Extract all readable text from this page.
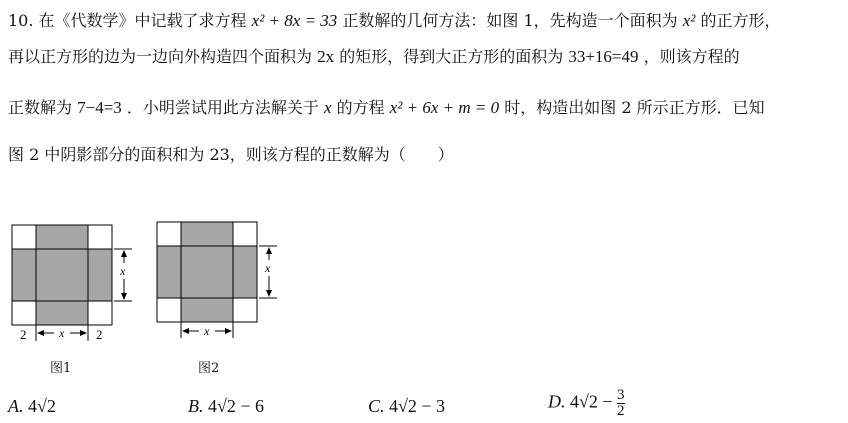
10. 在《代数学》中记载了求方程 x² + 8x = 33 正数解的几何方法：如图 1，先构造一个面积为 x² 的正方形，
再以正方形的边为一边向外构造四个面积为 2x 的矩形，得到大正方形的面积为 33+16=49 ，则该方程的
正数解为 7−4=3 ．小明尝试用此方法解关于 x 的方程 x² + 6x + m = 0 时，构造出如图 2 所示正方形．已知
图 2 中阴影部分的面积和为 23，则该方程的正数解为（　　）
x
x
2	2
图1
x
x
图2
A. 4√2	B. 4√2 − 6	C. 4√2 − 3	D. $4√2 - \frac{3}{2}$
